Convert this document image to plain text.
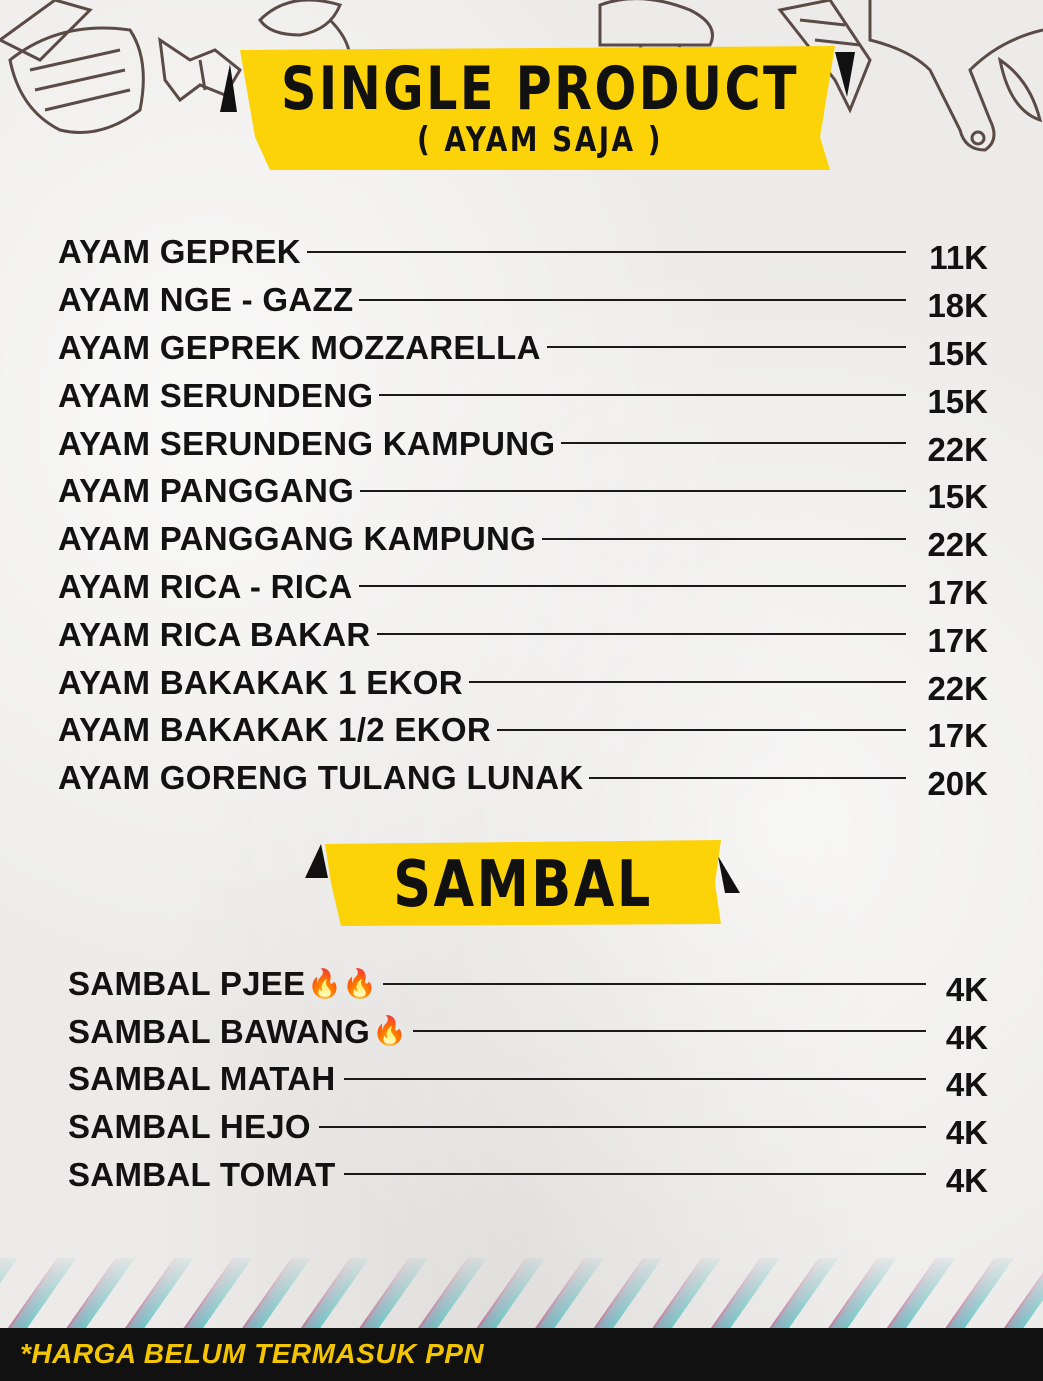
SINGLE PRODUCT
( AYAM SAJA )
AYAM GEPREK	11K
AYAM NGE - GAZZ	18K
AYAM GEPREK MOZZARELLA	15K
AYAM SERUNDENG	15K
AYAM SERUNDENG KAMPUNG	22K
AYAM PANGGANG	15K
AYAM PANGGANG KAMPUNG	22K
AYAM RICA - RICA	17K
AYAM RICA BAKAR	17K
AYAM BAKAKAK 1 EKOR	22K
AYAM BAKAKAK 1/2 EKOR	17K
AYAM GORENG TULANG LUNAK	20K
SAMBAL
SAMBAL PJEE 🔥🔥	4K
SAMBAL BAWANG 🔥	4K
SAMBAL MATAH	4K
SAMBAL HEJO	4K
SAMBAL TOMAT	4K
*HARGA BELUM TERMASUK PPN
